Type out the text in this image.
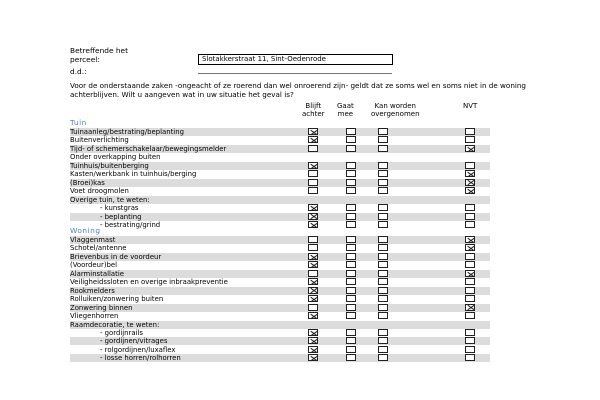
Betreffende het
perceel:	Slotakkerstraat 11, Sint-Oedenrode
d.d.:
Voor de onderstaande zaken -ongeacht of ze roerend dan wel onroerend zijn- geldt dat ze soms wel en soms niet in de woning achterblijven. Wilt u aangeven wat in uw situatie het geval is?
Blijft
achter
Gaat
mee
Kan worden
overgenomen
NVT
Tuin
Woning
Tuinaanleg/bestrating/beplanting
Buitenverlichting
Tijd- of schemerschakelaar/bewegingsmelder
Onder overkapping buiten
Tuinhuis/buitenberging
Kasten/werkbank in tuinhuis/berging
(Broei)kas
Voet droogmolen
Overige tuin, te weten:
- kunstgras
- beplanting
- bestrating/grind
Vlaggenmast
Schotel/antenne
Brievenbus in de voordeur
(Voordeur)bel
Alarminstallatie
Veiligheidssloten en overige inbraakpreventie
Rookmelders
Rolluiken/zonwering buiten
Zonwering binnen
Vliegenhorren
Raamdecoratie, te weten:
- gordijnrails
- gordijnen/vitrages
- rolgordijnen/luxaflex
- losse horren/rolhorren
